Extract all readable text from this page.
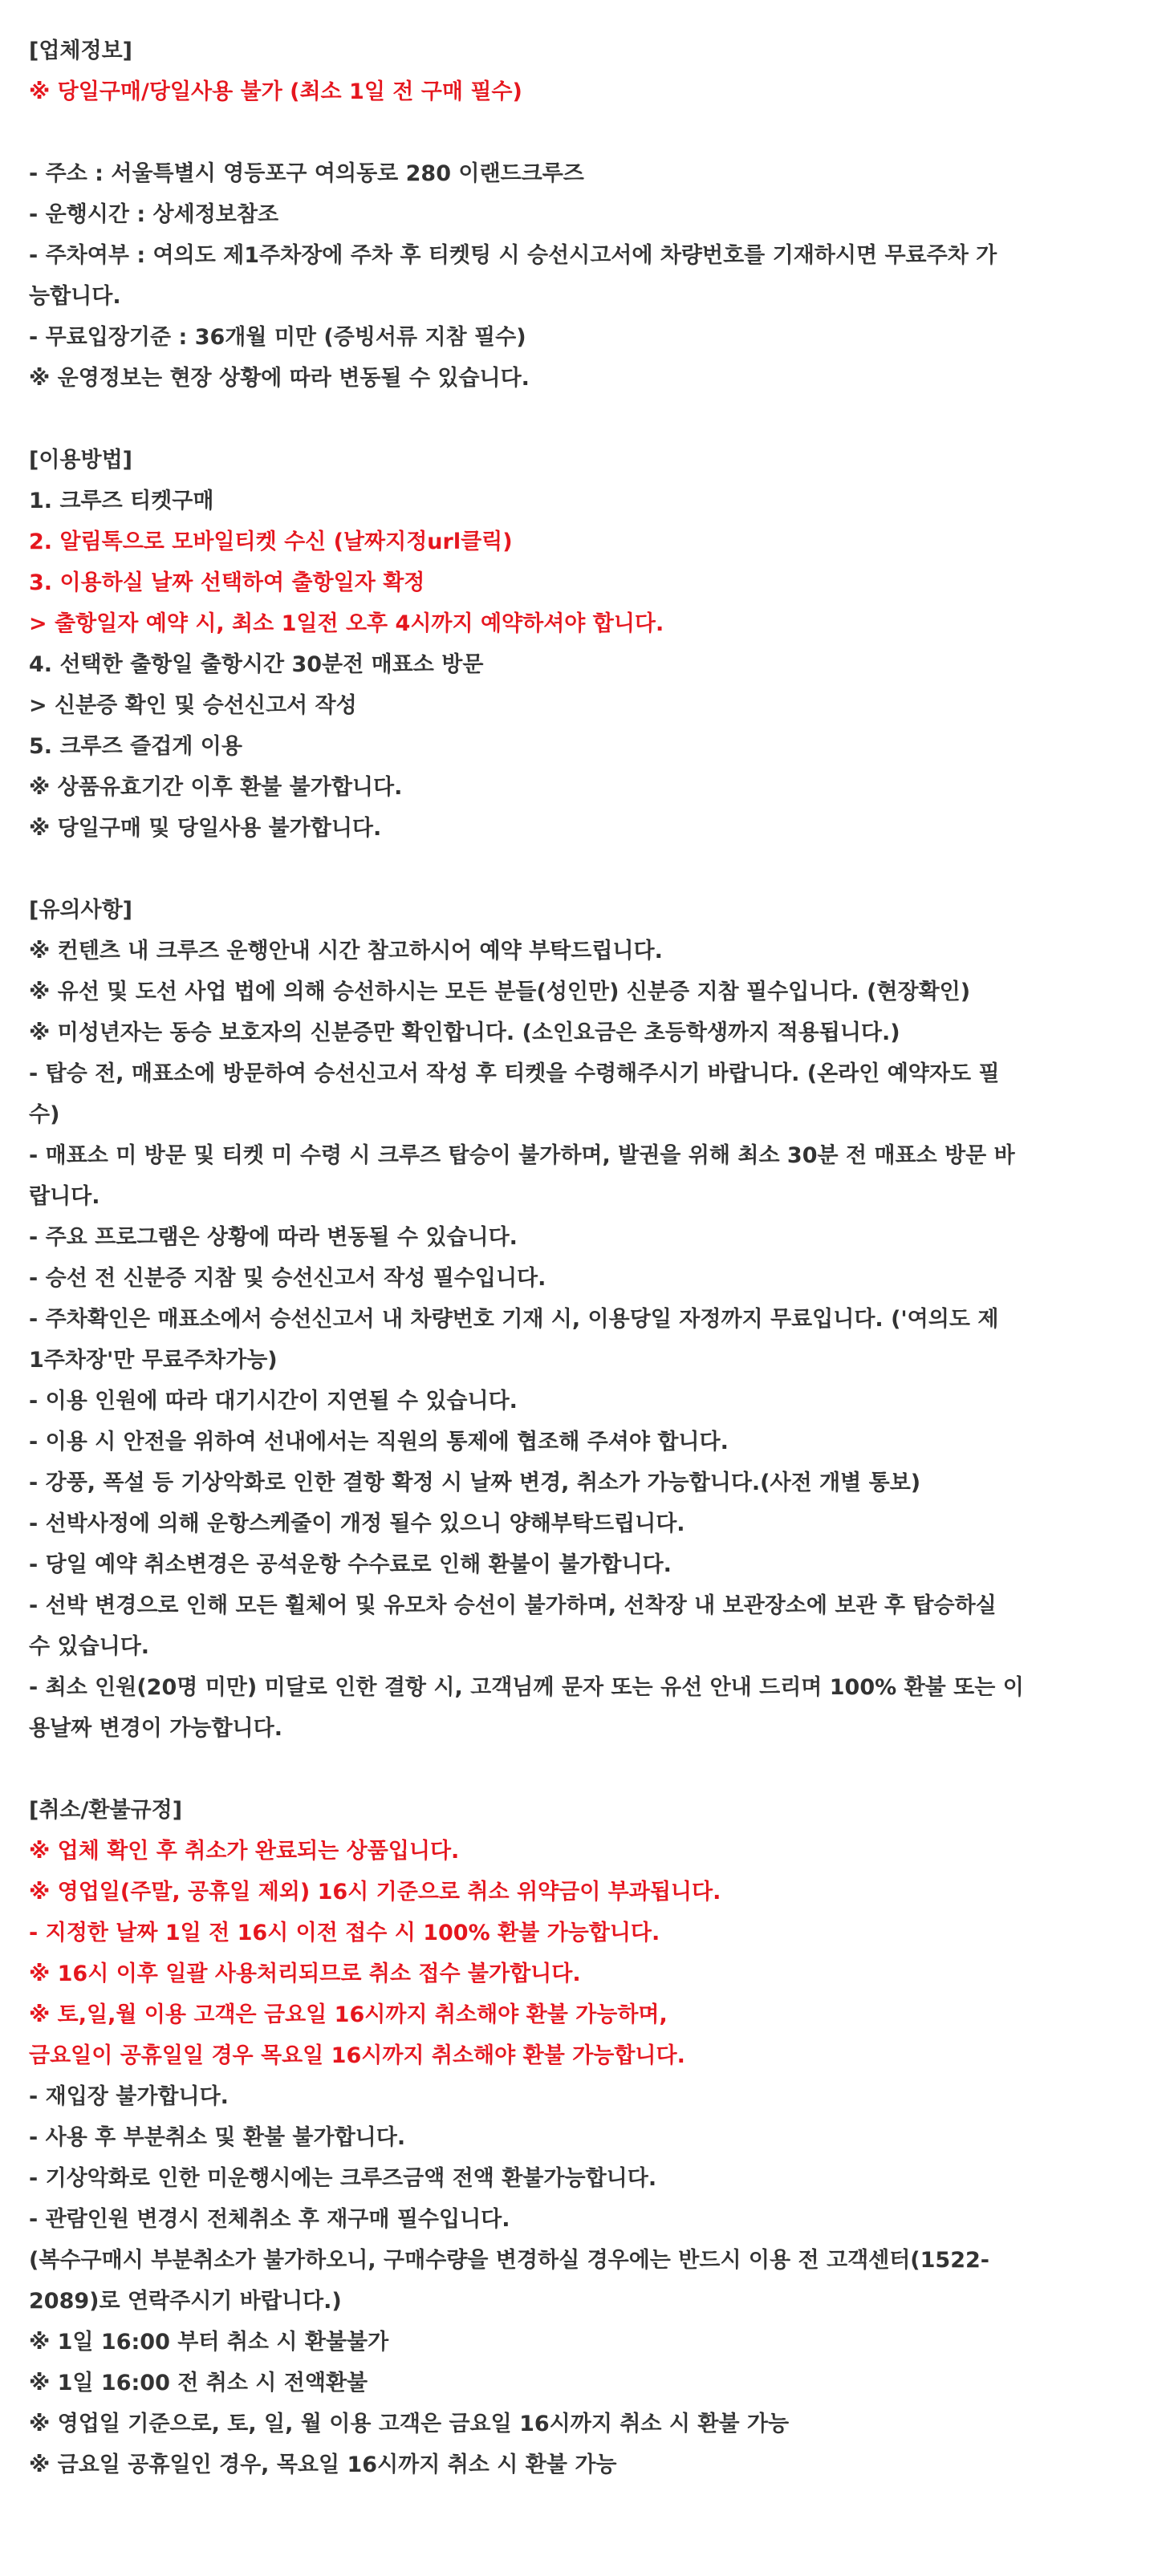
[업체정보]
※ 당일구매/당일사용 불가 (최소 1일 전 구매 필수)
- 주소 : 서울특별시 영등포구 여의동로 280 이랜드크루즈
- 운행시간 : 상세정보참조
- 주차여부 : 여의도 제1주차장에 주차 후 티켓팅 시 승선시고서에 차량번호를 기재하시면 무료주차 가
능합니다.
- 무료입장기준 : 36개월 미만 (증빙서류 지참 필수)
※ 운영정보는 현장 상황에 따라 변동될 수 있습니다.
[이용방법]
1. 크루즈 티켓구매
2. 알림톡으로 모바일티켓 수신 (날짜지정url클릭)
3. 이용하실 날짜 선택하여 출항일자 확정
> 출항일자 예약 시, 최소 1일전 오후 4시까지 예약하셔야 합니다.
4. 선택한 출항일 출항시간 30분전 매표소 방문
> 신분증 확인 및 승선신고서 작성
5. 크루즈 즐겁게 이용
※ 상품유효기간 이후 환불 불가합니다.
※ 당일구매 및 당일사용 불가합니다.
[유의사항]
※ 컨텐츠 내 크루즈 운행안내 시간 참고하시어 예약 부탁드립니다.
※ 유선 및 도선 사업 법에 의해 승선하시는 모든 분들(성인만) 신분증 지참 필수입니다. (현장확인)
※ 미성년자는 동승 보호자의 신분증만 확인합니다. (소인요금은 초등학생까지 적용됩니다.)
- 탑승 전, 매표소에 방문하여 승선신고서 작성 후 티켓을 수령해주시기 바랍니다. (온라인 예약자도 필
수)
- 매표소 미 방문 및 티켓 미 수령 시 크루즈 탑승이 불가하며, 발권을 위해 최소 30분 전 매표소 방문 바
랍니다.
- 주요 프로그램은 상황에 따라 변동될 수 있습니다.
- 승선 전 신분증 지참 및 승선신고서 작성 필수입니다.
- 주차확인은 매표소에서 승선신고서 내 차량번호 기재 시, 이용당일 자정까지 무료입니다. ('여의도 제
1주차장'만 무료주차가능)
- 이용 인원에 따라 대기시간이 지연될 수 있습니다.
- 이용 시 안전을 위하여 선내에서는 직원의 통제에 협조해 주셔야 합니다.
- 강풍, 폭설 등 기상악화로 인한 결항 확정 시 날짜 변경, 취소가 가능합니다.(사전 개별 통보)
- 선박사정에 의해 운항스케줄이 개정 될수 있으니 양해부탁드립니다.
- 당일 예약 취소변경은 공석운항 수수료로 인해 환불이 불가합니다.
- 선박 변경으로 인해 모든 휠체어 및 유모차 승선이 불가하며, 선착장 내 보관장소에 보관 후 탑승하실
수 있습니다.
- 최소 인원(20명 미만) 미달로 인한 결항 시, 고객님께 문자 또는 유선 안내 드리며 100% 환불 또는 이
용날짜 변경이 가능합니다.
[취소/환불규정]
※ 업체 확인 후 취소가 완료되는 상품입니다.
※ 영업일(주말, 공휴일 제외) 16시 기준으로 취소 위약금이 부과됩니다.
- 지정한 날짜 1일 전 16시 이전 접수 시 100% 환불 가능합니다.
※ 16시 이후 일괄 사용처리되므로 취소 접수 불가합니다.
※ 토,일,월 이용 고객은 금요일 16시까지 취소해야 환불 가능하며,
금요일이 공휴일일 경우 목요일 16시까지 취소해야 환불 가능합니다.
- 재입장 불가합니다.
- 사용 후 부분취소 및 환불 불가합니다.
- 기상악화로 인한 미운행시에는 크루즈금액 전액 환불가능합니다.
- 관람인원 변경시 전체취소 후 재구매 필수입니다.
(복수구매시 부분취소가 불가하오니, 구매수량을 변경하실 경우에는 반드시 이용 전 고객센터(1522-
2089)로 연락주시기 바랍니다.)
※ 1일 16:00 부터 취소 시 환불불가
※ 1일 16:00 전 취소 시 전액환불
※ 영업일 기준으로, 토, 일, 월 이용 고객은 금요일 16시까지 취소 시 환불 가능
※ 금요일 공휴일인 경우, 목요일 16시까지 취소 시 환불 가능
